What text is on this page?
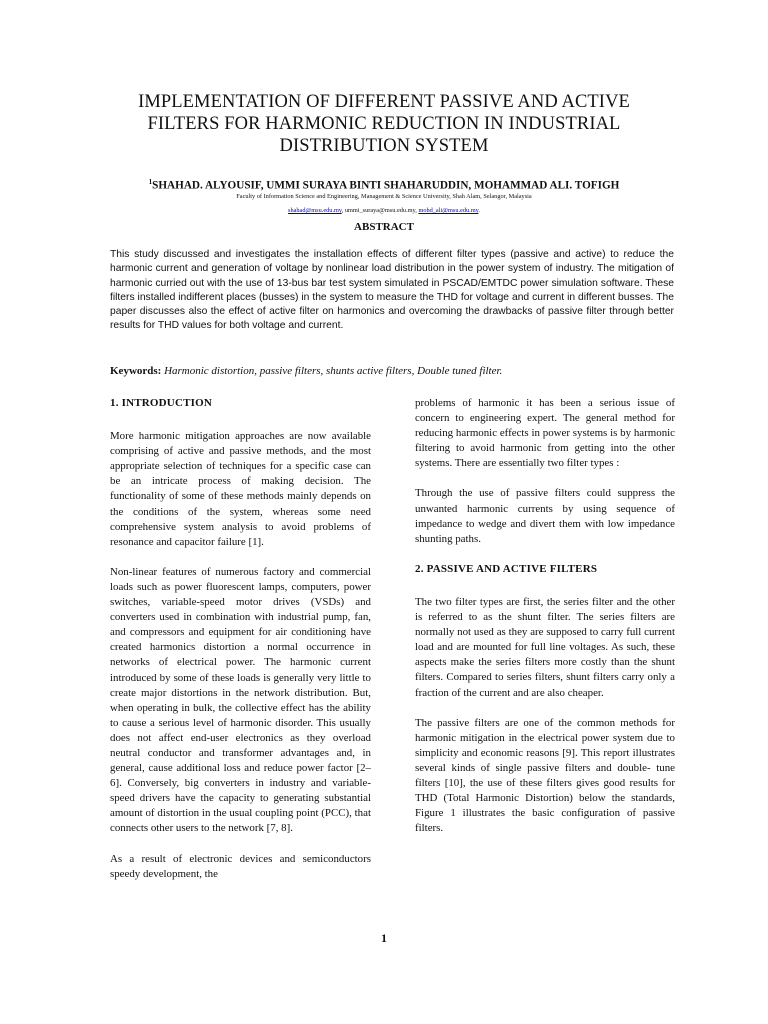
IMPLEMENTATION OF DIFFERENT PASSIVE AND ACTIVE
FILTERS FOR HARMONIC REDUCTION IN INDUSTRIAL
DISTRIBUTION SYSTEM
$^1$SHAHAD. ALYOUSIF, UMMI SURAYA BINTI SHAHARUDDIN, MOHAMMAD ALI. TOFIGH
Faculty of Information Science and Engineering, Management & Science University, Shah Alam, Selangor, Malaysia
shahad@msu.edu.my, ummi_suraya@msu.edu.my, mohd_ali@msu.edu.my.
ABSTRACT

This study discussed and investigates the installation effects of different filter types (passive and active) to reduce the harmonic current and generation of voltage by nonlinear load distribution in the power system of industry. The mitigation of harmonic curried out with the use of 13-bus bar test system simulated in PSCAD/EMTDC power simulation software. These filters installed indifferent places (busses) in the system to measure the THD for voltage and current in different busses. The paper discusses also the effect of active filter on harmonics and overcoming the drawbacks of passive filter through better results for THD values for both voltage and current.

Keywords: Harmonic distortion, passive filters, shunts active filters, Double tuned filter.

1. INTRODUCTION

More harmonic mitigation approaches are now available comprising of active and passive methods, and the most appropriate selection of techniques for a specific case can be an intricate process of making decision. The functionality of some of these methods mainly depends on the conditions of the system, whereas some need comprehensive system analysis to avoid problems of resonance and capacitor failure [1].

Non-linear features of numerous factory and commercial loads such as power fluorescent lamps, computers, power switches, variable-speed motor drives (VSDs) and converters used in combination with industrial pump, fan, and compressors and equipment for air conditioning have created harmonics distortion a normal occurrence in networks of electrical power. The harmonic current introduced by some of these loads is generally very little to create major distortions in the network distribution. But, when operating in bulk, the collective effect has the ability to cause a serious level of harmonic disorder. This usually does not affect end-user electronics as they overload neutral conductor and transformer advantages and, in general, cause additional loss and reduce power factor [2–6]. Conversely, big converters in industry and variable- speed drivers have the capacity to generating substantial amount of distortion in the usual coupling point (PCC), that connects other users to the network [7, 8].

As a result of electronic devices and semiconductors speedy development, the

problems of harmonic it has been a serious issue of concern to engineering expert. The general method for reducing harmonic effects in power systems is by harmonic filtering to avoid harmonic from getting into the other systems. There are essentially two filter types :

Through the use of passive filters could suppress the unwanted harmonic currents by using sequence of impedance to wedge and divert them with low impedance shunting paths.

2. PASSIVE AND ACTIVE FILTERS

The two filter types are first, the series filter and the other is referred to as the shunt filter. The series filters are normally not used as they are supposed to carry full current load and are mounted for full line voltages. As such, these aspects make the series filters more costly than the shunt filters. Compared to series filters, shunt filters carry only a fraction of the current and are also cheaper.

The passive filters are one of the common methods for harmonic mitigation in the electrical power system due to simplicity and economic reasons [9]. This report illustrates several kinds of single passive filters and double- tune filters [10], the use of these filters gives good results for THD (Total Harmonic Distortion) below the standards, Figure 1 illustrates the basic configuration of passive filters.

1
